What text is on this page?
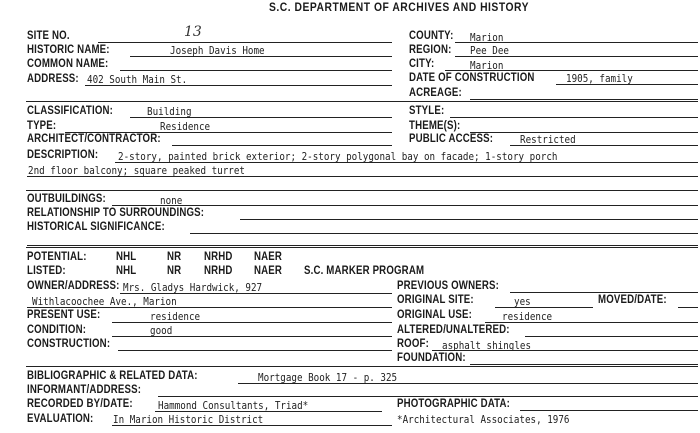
S.C. DEPARTMENT OF ARCHIVES AND HISTORY
SITE NO.	13
HISTORIC NAME:	Joseph Davis Home
COMMON NAME:
ADDRESS: 402 South Main St.
COUNTY: Marion
REGION: Pee Dee
CITY:	Marion
DATE OF CONSTRUCTION	1905, family
ACREAGE:
CLASSIFICATION:	Building
TYPE:	Residence
ARCHITECT/CONTRACTOR:
STYLE:
THEME(S):
PUBLIC ACCESS:	Restricted
DESCRIPTION: 2-story, painted brick exterior; 2-story polygonal bay on facade; 1-story porch
2nd floor balcony; square peaked turret
OUTBUILDINGS:	none
RELATIONSHIP TO SURROUNDINGS:
HISTORICAL SIGNIFICANCE:
POTENTIAL:	NHL	NR NRHD NAER
LISTED:	NHL	NR NRHD NAER S.C. MARKER PROGRAM
OWNER/ADDRESS: Mrs. Gladys Hardwick, 927
Withlacoochee Ave., Marion
PRESENT USE:	residence
CONDITION:	good
CONSTRUCTION:
PREVIOUS OWNERS:
ORIGINAL SITE:	yes	MOVED/DATE:
ORIGINAL USE:	residence
ALTERED/UNALTERED:
ROOF: asphalt shingles
FOUNDATION:
BIBLIOGRAPHIC & RELATED DATA:	Mortgage Book 17 - p. 325
INFORMANT/ADDRESS:
RECORDED BY/DATE: Hammond Consultants, Triad*	PHOTOGRAPHIC DATA:
EVALUATION: In Marion Historic District	*Architectural Associates, 1976
